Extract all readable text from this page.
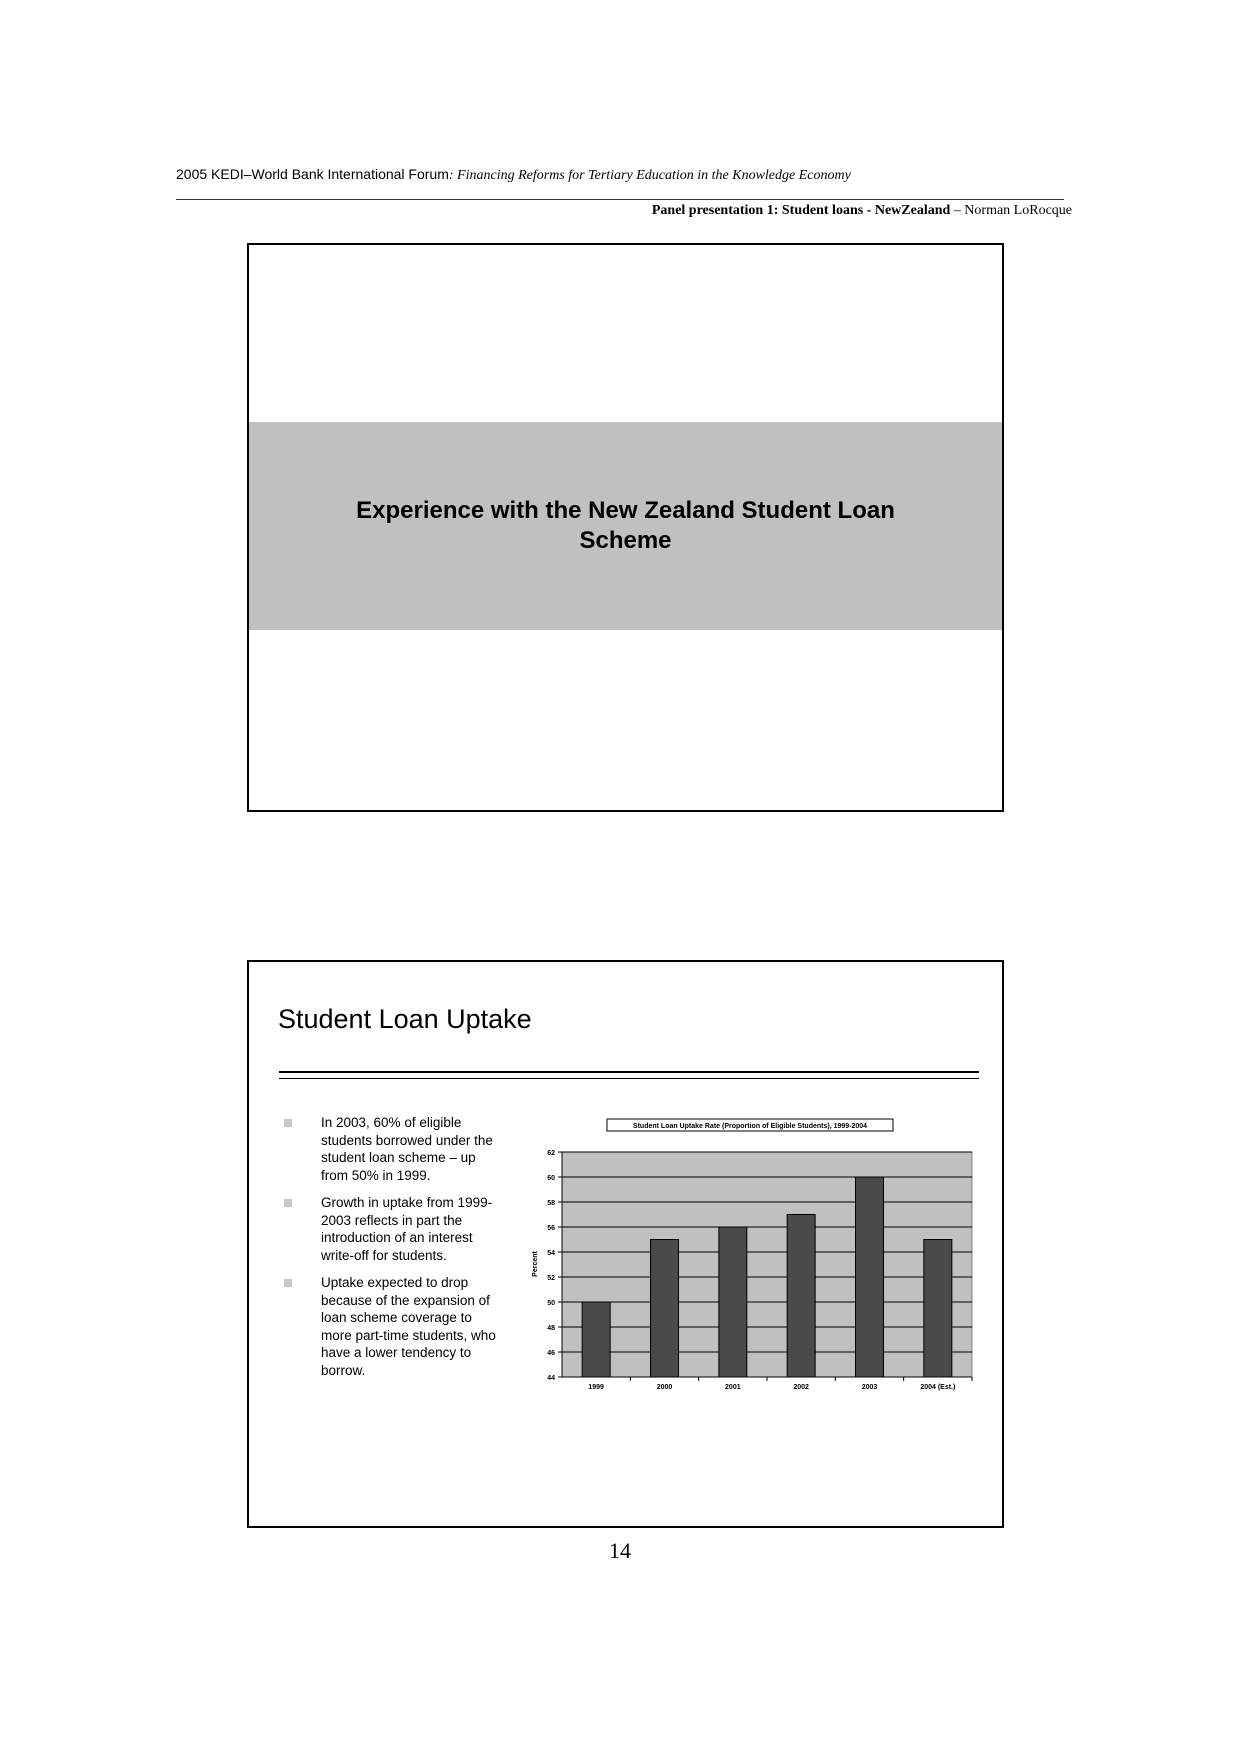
2005 KEDI–World Bank International Forum: Financing Reforms for Tertiary Education in the Knowledge Economy
Panel presentation 1: Student loans - NewZealand – Norman LoRocque
Experience with the New Zealand Student Loan Scheme
Student Loan Uptake
In 2003, 60% of eligible students borrowed under the student loan scheme – up from 50% in 1999.
Growth in uptake from 1999-2003 reflects in part the introduction of an interest write-off for students.
Uptake expected to drop because of the expansion of loan scheme coverage to more part-time students, who have a lower tendency to borrow.
44
46
48
50
52
54
56
58
60
62
1999	2000	2001	2002	2003	2004 (Est.)
Student Loan Uptake Rate (Proportion of Eligible Students), 1999-2004
Percent
14
